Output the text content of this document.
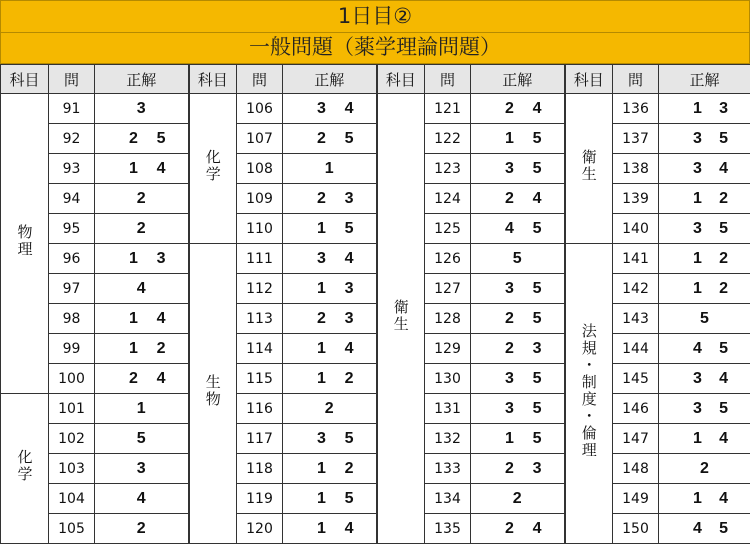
1日目②
一般問題（薬学理論問題）
科目	問	正解	科目	問	正解	科目	問	正解	科目	問	正解
物理	91	3	化学	106	3 4	衛生	121	2 4	衛生	136	1 3

	92	2 5		107	2 5		122	1 5		137	3 5

	93	1 4		108	1		123	3 5		138	3 4

	94	2		109	2 3		124	2 4		139	1 2

	95	2		110	1 5		125	4 5		140	3 5

	96	1 3	生物	111	3 4		126	5	法規・制度・倫理	141	1 2

	97	4		112	1 3		127	3 5		142	1 2

	98	1 4		113	2 3		128	2 5		143	5
	99	1 2		114	1 4		129	2 3		144	4 5

	100	2 4		115	1 2		130	3 5		145	3 4

化学	101	1		116	2		131	3 5		146	3 5

	102	5		117	3 5		132	1 5		147	1 4

	103	3		118	1 2		133	2 3		148	2
	104	4		119	1 5		134	2		149	1 4

	105	2		120	1 4		135	2 4		150	4 5
